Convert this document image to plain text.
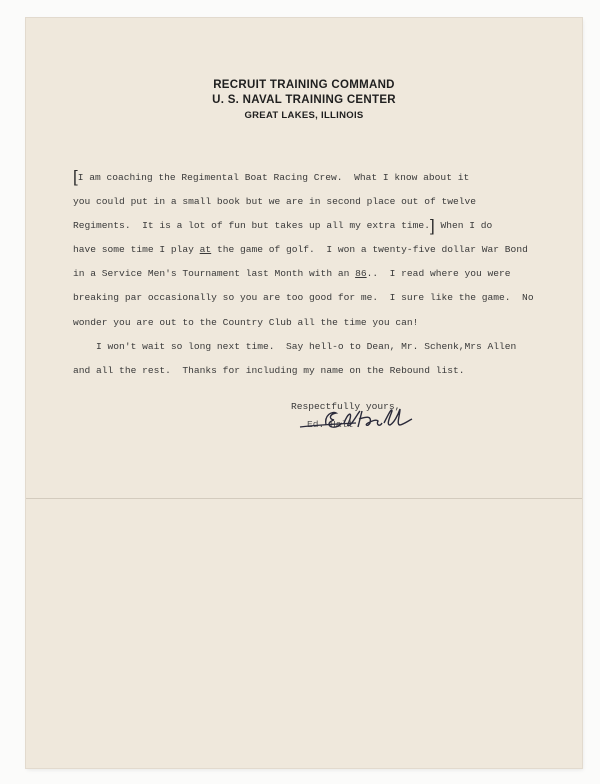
RECRUIT TRAINING COMMAND
U. S. NAVAL TRAINING CENTER
GREAT LAKES, ILLINOIS
[I am coaching the Regimental Boat Racing Crew.  What I know about it
you could put in a small book but we are in second place out of twelve
Regiments.  It is a lot of fun but takes up all my extra time.] When I do
have some time I play at the game of golf.  I won a twenty-five dollar War Bond
in a Service Men's Tournament last Month with an 86..  I read where you were
breaking par occasionally so you are too good for me.  I sure like the game.  No
wonder you are out to the Country Club all the time you can!
I won't wait so long next time.  Say hell-o to Dean, Mr. Schenk,Mrs Allen
and all the rest.  Thanks for including my name on the Rebound list.
Respectfully yours,
Ed. Hall
